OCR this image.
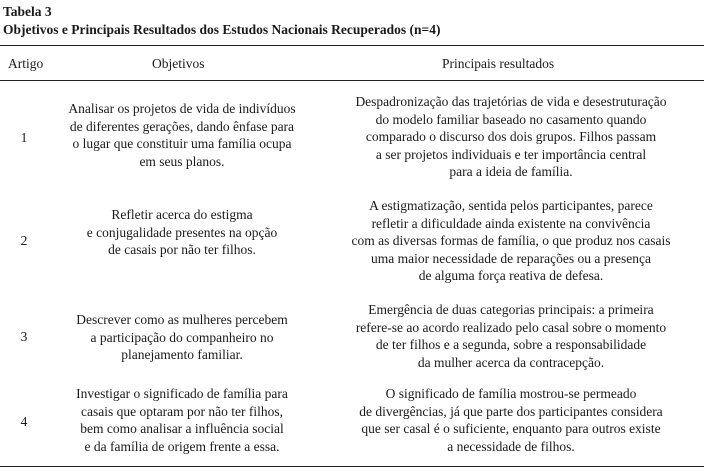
Tabela 3
Objetivos e Principais Resultados dos Estudos Nacionais Recuperados (n=4)
Artigo	Objetivos	Principais resultados
1
Analisar os projetos de vida de indivíduos
de diferentes gerações, dando ênfase para
o lugar que constituir uma família ocupa
em seus planos.
Despadronização das trajetórias de vida e desestruturação
do modelo familiar baseado no casamento quando
comparado o discurso dos dois grupos. Filhos passam
a ser projetos individuais e ter importância central
para a ideia de família.
2
Refletir acerca do estigma
e conjugalidade presentes na opção
de casais por não ter filhos.
A estigmatização, sentida pelos participantes, parece
refletir a dificuldade ainda existente na convivência
com as diversas formas de família, o que produz nos casais
uma maior necessidade de reparações ou a presença
de alguma força reativa de defesa.
3
Descrever como as mulheres percebem
a participação do companheiro no
planejamento familiar.
Emergência de duas categorias principais: a primeira
refere-se ao acordo realizado pelo casal sobre o momento
de ter filhos e a segunda, sobre a responsabilidade
da mulher acerca da contracepção.
4
Investigar o significado de família para
casais que optaram por não ter filhos,
bem como analisar a influência social
e da família de origem frente a essa.
O significado de família mostrou-se permeado
de divergências, já que parte dos participantes considera
que ser casal é o suficiente, enquanto para outros existe
a necessidade de filhos.
